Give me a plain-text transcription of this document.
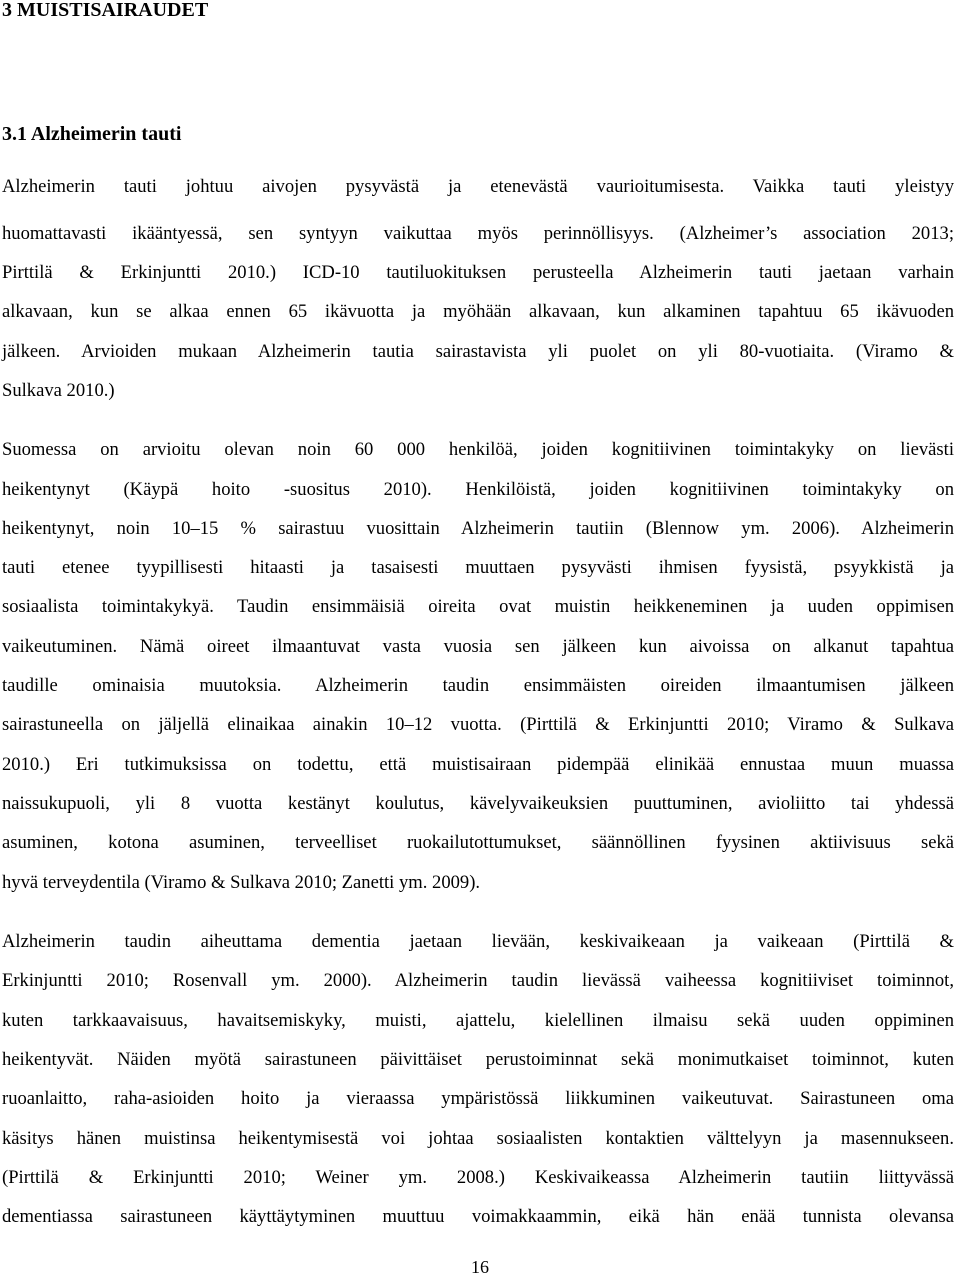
3 MUISTISAIRAUDET
3.1 Alzheimerin tauti
Alzheimerin tauti johtuu aivojen pysyvästä ja etenevästä vaurioitumisesta. Vaikka tauti yleistyy
huomattavasti ikääntyessä, sen syntyyn vaikuttaa myös perinnöllisyys. (Alzheimer’s association 2013;
Pirttilä & Erkinjuntti 2010.) ICD-10 tautiluokituksen perusteella Alzheimerin tauti jaetaan varhain
alkavaan, kun se alkaa ennen 65 ikävuotta ja myöhään alkavaan, kun alkaminen tapahtuu 65 ikävuoden
jälkeen. Arvioiden mukaan Alzheimerin tautia sairastavista yli puolet on yli 80-vuotiaita. (Viramo &
Sulkava 2010.)
Suomessa on arvioitu olevan noin 60 000 henkilöä, joiden kognitiivinen toimintakyky on lievästi
heikentynyt (Käypä hoito -suositus 2010). Henkilöistä, joiden kognitiivinen toimintakyky on
heikentynyt, noin 10–15 % sairastuu vuosittain Alzheimerin tautiin (Blennow ym. 2006). Alzheimerin
tauti etenee tyypillisesti hitaasti ja tasaisesti muuttaen pysyvästi ihmisen fyysistä, psyykkistä ja
sosiaalista toimintakykyä. Taudin ensimmäisiä oireita ovat muistin heikkeneminen ja uuden oppimisen
vaikeutuminen. Nämä oireet ilmaantuvat vasta vuosia sen jälkeen kun aivoissa on alkanut tapahtua
taudille ominaisia muutoksia. Alzheimerin taudin ensimmäisten oireiden ilmaantumisen jälkeen
sairastuneella on jäljellä elinaikaa ainakin 10–12 vuotta. (Pirttilä & Erkinjuntti 2010; Viramo & Sulkava
2010.) Eri tutkimuksissa on todettu, että muistisairaan pidempää elinikää ennustaa muun muassa
naissukupuoli, yli 8 vuotta kestänyt koulutus, kävelyvaikeuksien puuttuminen, avioliitto tai yhdessä
asuminen, kotona asuminen, terveelliset ruokailutottumukset, säännöllinen fyysinen aktiivisuus sekä
hyvä terveydentila (Viramo & Sulkava 2010; Zanetti ym. 2009).
Alzheimerin taudin aiheuttama dementia jaetaan lievään, keskivaikeaan ja vaikeaan (Pirttilä &
Erkinjuntti 2010; Rosenvall ym. 2000). Alzheimerin taudin lievässä vaiheessa kognitiiviset toiminnot,
kuten tarkkaavaisuus, havaitsemiskyky, muisti, ajattelu, kielellinen ilmaisu sekä uuden oppiminen
heikentyvät. Näiden myötä sairastuneen päivittäiset perustoiminnat sekä monimutkaiset toiminnot, kuten
ruoanlaitto, raha-asioiden hoito ja vieraassa ympäristössä liikkuminen vaikeutuvat. Sairastuneen oma
käsitys hänen muistinsa heikentymisestä voi johtaa sosiaalisten kontaktien välttelyyn ja masennukseen.
(Pirttilä & Erkinjuntti 2010; Weiner ym. 2008.) Keskivaikeassa Alzheimerin tautiin liittyvässä
dementiassa sairastuneen käyttäytyminen muuttuu voimakkaammin, eikä hän enää tunnista olevansa
16
